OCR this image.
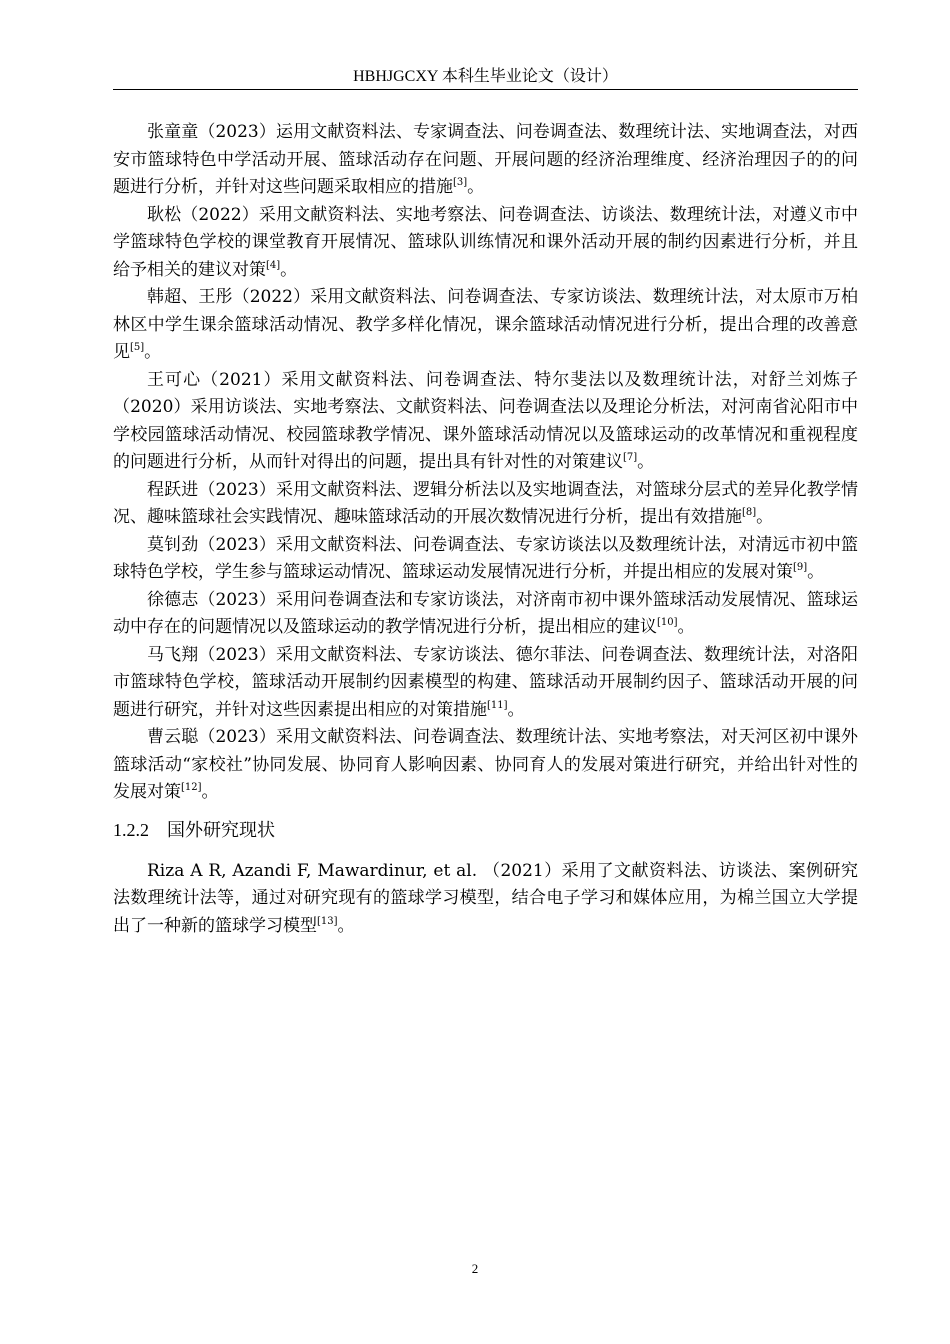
HBHJGCXY 本科生毕业论文（设计）

张童童（2023）运用文献资料法、专家调查法、问卷调查法、数理统计法、实地调查法，对西安市篮球特色中学活动开展、篮球活动存在问题、开展问题的经济治理维度、经济治理因子的的问题进行分析，并针对这些问题采取相应的措施[3]。

耿松（2022）采用文献资料法、实地考察法、问卷调查法、访谈法、数理统计法，对遵义市中学篮球特色学校的课堂教育开展情况、篮球队训练情况和课外活动开展的制约因素进行分析，并且给予相关的建议对策[4]。

韩超、王彤（2022）采用文献资料法、问卷调查法、专家访谈法、数理统计法，对太原市万柏林区中学生课余篮球活动情况、教学多样化情况，课余篮球活动情况进行分析，提出合理的改善意见[5]。

王可心（2021）采用文献资料法、问卷调查法、特尔斐法以及数理统计法，对舒兰刘炼子（2020）采用访谈法、实地考察法、文献资料法、问卷调查法以及理论分析法，对河南省沁阳市中学校园篮球活动情况、校园篮球教学情况、课外篮球活动情况以及篮球运动的改革情况和重视程度的问题进行分析，从而针对得出的问题，提出具有针对性的对策建议[7]。

程跃进（2023）采用文献资料法、逻辑分析法以及实地调查法，对篮球分层式的差异化教学情况、趣味篮球社会实践情况、趣味篮球活动的开展次数情况进行分析，提出有效措施[8]。

莫钊劲（2023）采用文献资料法、问卷调查法、专家访谈法以及数理统计法，对清远市初中篮球特色学校，学生参与篮球运动情况、篮球运动发展情况进行分析，并提出相应的发展对策[9]。

徐德志（2023）采用问卷调查法和专家访谈法，对济南市初中课外篮球活动发展情况、篮球运动中存在的问题情况以及篮球运动的教学情况进行分析，提出相应的建议[10]。

马飞翔（2023）采用文献资料法、专家访谈法、德尔菲法、问卷调查法、数理统计法，对洛阳市篮球特色学校，篮球活动开展制约因素模型的构建、篮球活动开展制约因子、篮球活动开展的问题进行研究，并针对这些因素提出相应的对策措施[11]。

曹云聪（2023）采用文献资料法、问卷调查法、数理统计法、实地考察法，对天河区初中课外篮球活动“家校社”协同发展、协同育人影响因素、协同育人的发展对策进行研究，并给出针对性的发展对策[12]。

1.2.2 国外研究现状

Riza A R, Azandi F, Mawardinur, et al. （2021）采用了文献资料法、访谈法、案例研究法数理统计法等，通过对研究现有的篮球学习模型，结合电子学习和媒体应用，为棉兰国立大学提出了一种新的篮球学习模型[13]。

2
